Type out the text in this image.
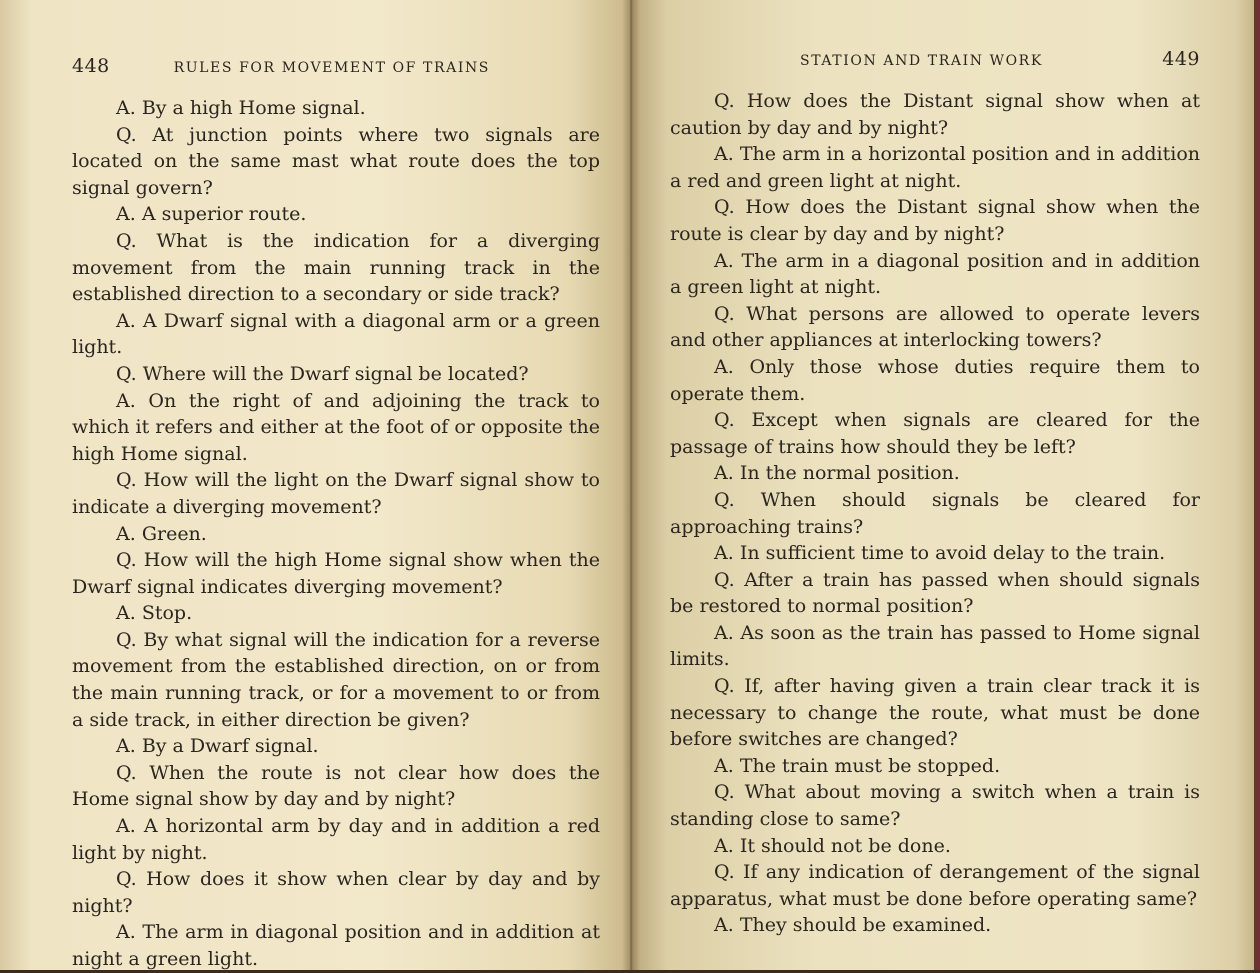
448	RULES FOR MOVEMENT OF TRAINS

A. By a high Home signal.

Q. At junction points where two signals are located on the same mast what route does the top signal govern?

A. A superior route.

Q. What is the indication for a diverging movement from the main running track in the established direction to a secondary or side track?

A. A Dwarf signal with a diagonal arm or a green light.

Q. Where will the Dwarf signal be located?

A. On the right of and adjoining the track to which it refers and either at the foot of or opposite the high Home signal.

Q. How will the light on the Dwarf signal show to indicate a diverging movement?

A. Green.

Q. How will the high Home signal show when the Dwarf signal indicates diverging movement?

A. Stop.

Q. By what signal will the indication for a reverse movement from the established direction, on or from the main running track, or for a movement to or from a side track, in either direction be given?

A. By a Dwarf signal.

Q. When the route is not clear how does the Home signal show by day and by night?

A. A horizontal arm by day and in addition a red light by night.

Q. How does it show when clear by day and by night?

A. The arm in diagonal position and in addition at night a green light.

STATION AND TRAIN WORK	449

Q. How does the Distant signal show when at caution by day and by night?

A. The arm in a horizontal position and in addition a red and green light at night.

Q. How does the Distant signal show when the route is clear by day and by night?

A. The arm in a diagonal position and in addition a green light at night.

Q. What persons are allowed to operate levers and other appliances at interlocking towers?

A. Only those whose duties require them to operate them.

Q. Except when signals are cleared for the passage of trains how should they be left?

A. In the normal position.

Q. When should signals be cleared for approaching trains?

A. In sufficient time to avoid delay to the train.

Q. After a train has passed when should signals be restored to normal position?

A. As soon as the train has passed to Home signal limits.

Q. If, after having given a train clear track it is necessary to change the route, what must be done before switches are changed?

A. The train must be stopped.

Q. What about moving a switch when a train is standing close to same?

A. It should not be done.

Q. If any indication of derangement of the signal apparatus, what must be done before operating same?

A. They should be examined.
